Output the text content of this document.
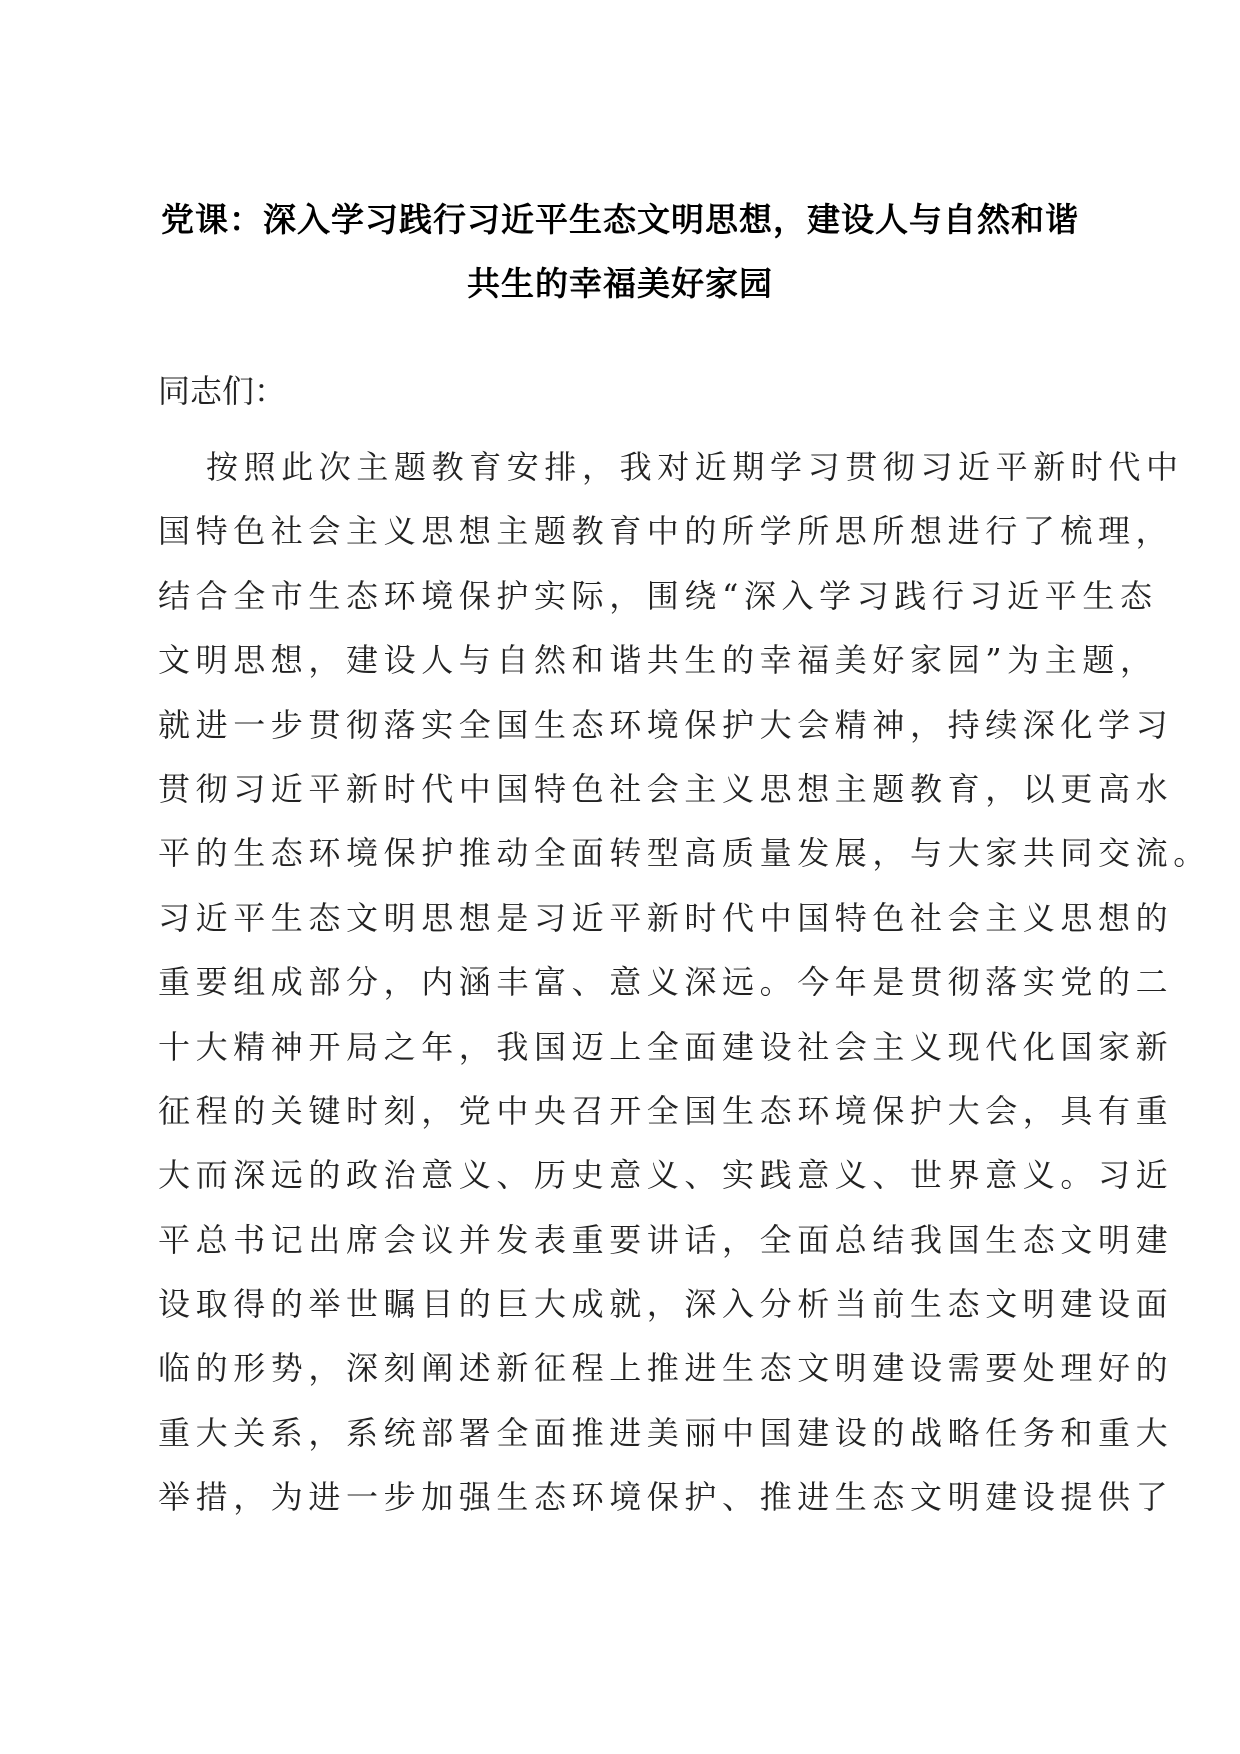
党课：深入学习践行习近平生态文明思想，建设人与自然和谐
共生的幸福美好家园

同志们：

按照此次主题教育安排，我对近期学习贯彻习近平新时代中
国特色社会主义思想主题教育中的所学所思所想进行了梳理，
结合全市生态环境保护实际，围绕“深入学习践行习近平生态
文明思想，建设人与自然和谐共生的幸福美好家园”为主题，
就进一步贯彻落实全国生态环境保护大会精神，持续深化学习
贯彻习近平新时代中国特色社会主义思想主题教育，以更高水
平的生态环境保护推动全面转型高质量发展，与大家共同交流。
习近平生态文明思想是习近平新时代中国特色社会主义思想的
重要组成部分，内涵丰富、意义深远。今年是贯彻落实党的二
十大精神开局之年，我国迈上全面建设社会主义现代化国家新
征程的关键时刻，党中央召开全国生态环境保护大会，具有重
大而深远的政治意义、历史意义、实践意义、世界意义。习近
平总书记出席会议并发表重要讲话，全面总结我国生态文明建
设取得的举世瞩目的巨大成就，深入分析当前生态文明建设面
临的形势，深刻阐述新征程上推进生态文明建设需要处理好的
重大关系，系统部署全面推进美丽中国建设的战略任务和重大
举措，为进一步加强生态环境保护、推进生态文明建设提供了
